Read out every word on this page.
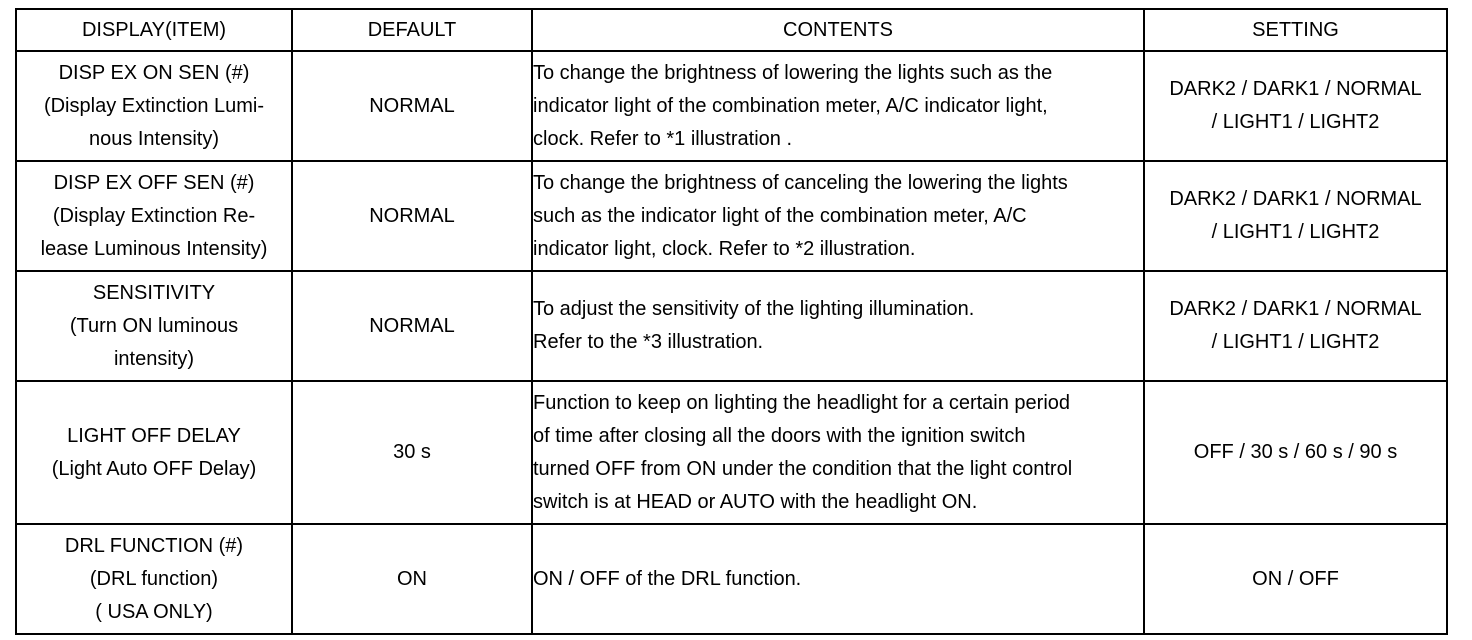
DISPLAY(ITEM)	DEFAULT	CONTENTS	SETTING

DISP EX ON SEN (#)
(Display Extinction Lumi-
nous Intensity)	NORMAL	To change the brightness of lowering the lights such as the
indicator light of the combination meter, A/C indicator light,
clock. Refer to *1 illustration .	DARK2 / DARK1 / NORMAL
/ LIGHT1 / LIGHT2

DISP EX OFF SEN (#)
(Display Extinction Re-
lease Luminous Intensity)	NORMAL	To change the brightness of canceling the lowering the lights
such as the indicator light of the combination meter, A/C
indicator light, clock. Refer to *2 illustration.	DARK2 / DARK1 / NORMAL
/ LIGHT1 / LIGHT2

SENSITIVITY
(Turn ON luminous
intensity)	NORMAL	To adjust the sensitivity of the lighting illumination.
Refer to the *3 illustration.	DARK2 / DARK1 / NORMAL
/ LIGHT1 / LIGHT2

LIGHT OFF DELAY
(Light Auto OFF Delay)	30 s	Function to keep on lighting the headlight for a certain period
of time after closing all the doors with the ignition switch
turned OFF from ON under the condition that the light control
switch is at HEAD or AUTO with the headlight ON.	OFF / 30 s / 60 s / 90 s

DRL FUNCTION (#)
(DRL function)
( USA ONLY)	ON	ON / OFF of the DRL function.	ON / OFF
